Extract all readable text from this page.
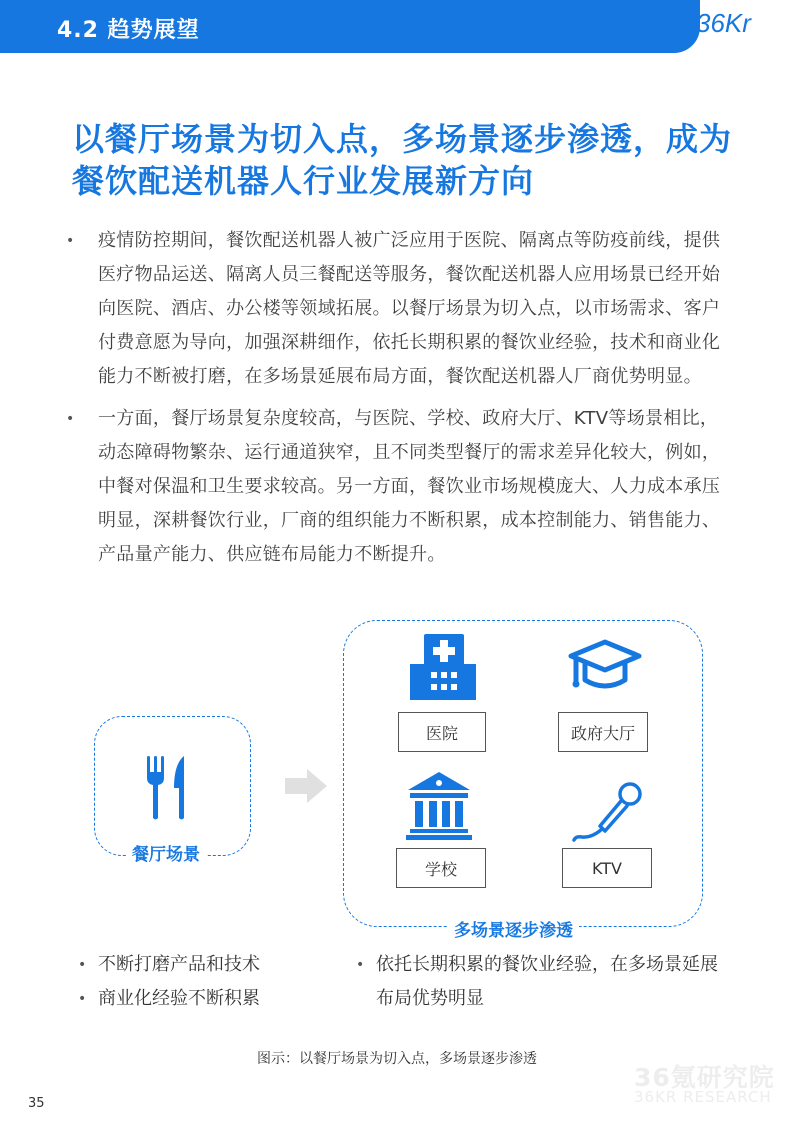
4.2 趋势展望	36Kr
以餐厅场景为切入点，多场景逐步渗透，成为
餐饮配送机器人行业发展新方向
• 疫情防控期间，餐饮配送机器人被广泛应用于医院、隔离点等防疫前线，提供医疗物品运送、隔离人员三餐配送等服务，餐饮配送机器人应用场景已经开始向医院、酒店、办公楼等领域拓展。以餐厅场景为切入点，以市场需求、客户付费意愿为导向，加强深耕细作，依托长期积累的餐饮业经验，技术和商业化能力不断被打磨，在多场景延展布局方面，餐饮配送机器人厂商优势明显。
• 一方面，餐厅场景复杂度较高，与医院、学校、政府大厅、KTV等场景相比，动态障碍物繁杂、运行通道狭窄，且不同类型餐厅的需求差异化较大，例如，中餐对保温和卫生要求较高。另一方面，餐饮业市场规模庞大、人力成本承压明显，深耕餐饮行业，厂商的组织能力不断积累，成本控制能力、销售能力、产品量产能力、供应链布局能力不断提升。
餐厅场景
医院	政府大厅
学校	KTV
多场景逐步渗透
• 不断打磨产品和技术
• 商业化经验不断积累
• 依托长期积累的餐饮业经验，在多场景延展布局优势明显
图示：以餐厅场景为切入点，多场景逐步渗透
36氪研究院
36KR RESEARCH
35
